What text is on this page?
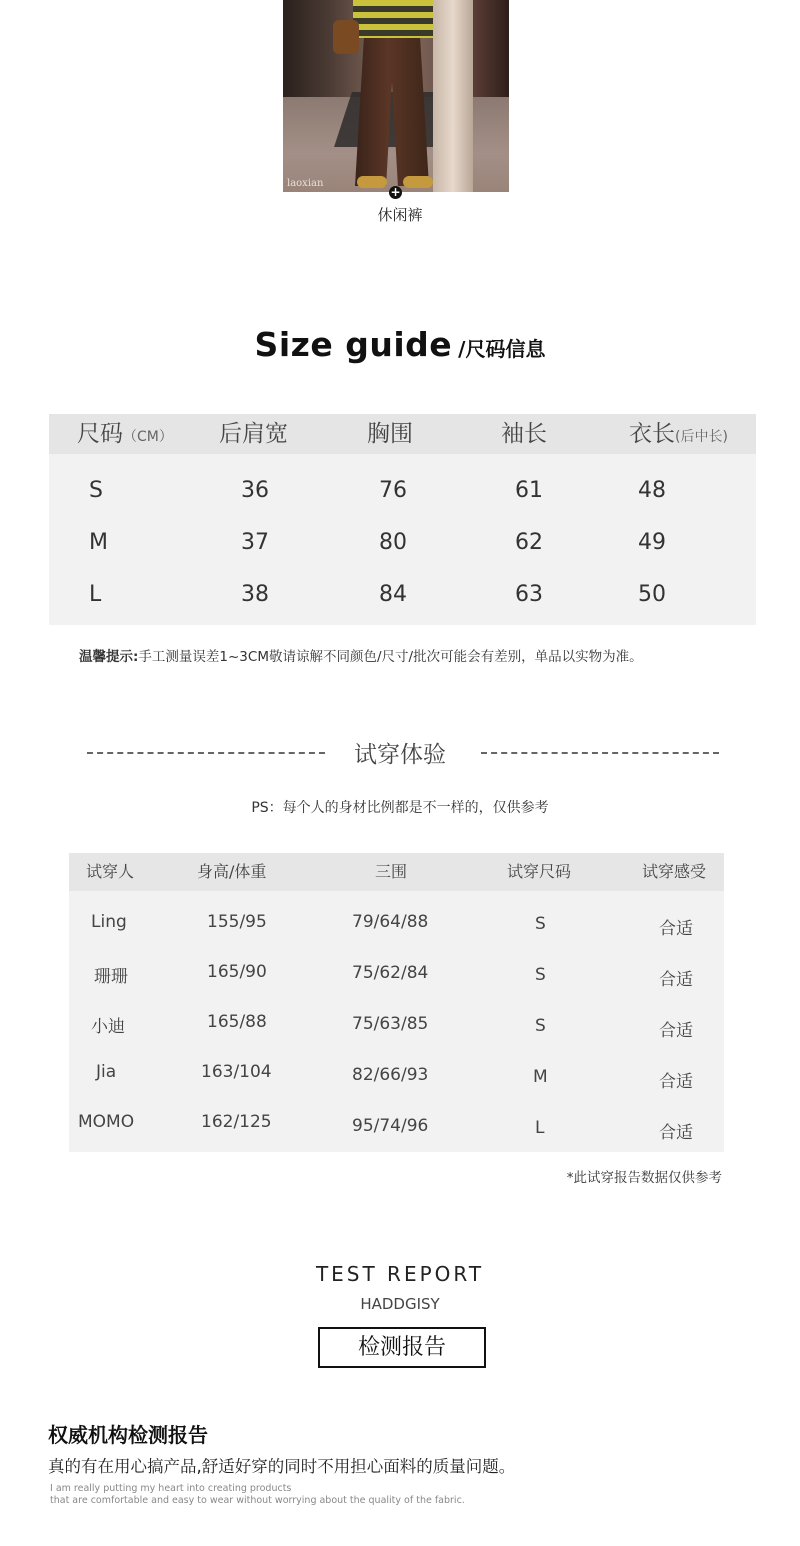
laoxian
+
休闲裤
Size guide /尺码信息
尺码（CM） 后肩宽	胸围	袖长	衣长(后中长)
S	36	76	61	48
M	37	80	62	49
L	38	84	63	50
温馨提示:手工测量误差1~3CM敬请谅解不同颜色/尺寸/批次可能会有差别，单品以实物为准。
试穿体验
PS：每个人的身材比例都是不一样的，仅供参考
试穿人	身高/体重	三围	试穿尺码	试穿感受
Ling	155/95	79/64/88	S	合适
珊珊	165/90	75/62/84	S	合适
小迪	165/88	75/63/85	S	合适
Jia	163/104	82/66/93	M	合适
MOMO	162/125	95/74/96	L	合适
*此试穿报告数据仅供参考
TEST REPORT
HADDGISY
检测报告
权威机构检测报告
真的有在用心搞产品,舒适好穿的同时不用担心面料的质量问题。
I am really putting my heart into creating products
that are comfortable and easy to wear without worrying about the quality of the fabric.
